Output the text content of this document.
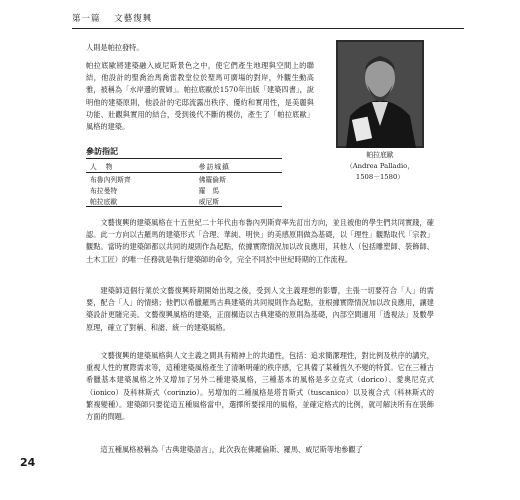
第一篇 文藝復興

人則是帕拉發特。

帕拉底歐將建築融入威尼斯景色之中，使它們產生地理與空間上的聯結，他設計的聖喬治馬喬雷教堂位於聖馬可廣場的對岸，外觀生動高雅，被稱為「水岸邊的賣婦」。帕拉底歐於1570年出版「建築四書」，說明他的建築原則，他設計的宅邸流露出秩序、優約和實用性，是美麗與功能、壯觀與實用的結合，受到後代不斷的模仿，產生了「帕拉底歐」風格的建築。

帕拉底歐
（Andrea Palladio，
1508－1580）
參訪指記
人　物	參訪城鎮
布魯內列斯齊	佛羅倫斯
布拉曼特	羅　馬
帕拉底歐	威尼斯

文藝復興的建築風格在十五世紀二十年代由布魯內列斯齊率先訂出方向，並且被他的學生們共同實踐，確認。此一方向以古羅馬的建築形式「合理、華純、明快」的美感原則做為基礎，以「理性」觀點取代「宗教」觀點。當時的建築師都以共同的規則作為起點，依據實際情況加以改良應用，其他人（包括雕塑師、裝飾師、土木工匠）的唯一任務就是執行建築師的命令，完全不同於中世紀時期的工作流程。

建築師這個行業於文藝復興時期開始出現之後，受到人文主義理想的影響，主張一切要符合「人」的需要，配合「人」的情緒；他們以希臘羅馬古典建築的共同規則作為起點，並根據實際情況加以改良應用，讓建築設計更隨完美。文藝復興風格的建築，正面構造以古典建築的原則為基礎，內部空間適用「透視法」及數學原理，確立了對稱、和諧、統一的建築風格。

文藝復興的建築風格與人文主義之間具有精神上的共通性，包括：追求簡潔理性，對比例及秩序的講究，重視人性的實際需求等，這種建築風格產生了清晰明確的秩序感，它具備了某種恆久不變的特質。它在三種古希臘基本建築風格之外又增加了另外二種建築風格，三種基本的風格是多立克式（dorico）、愛奧尼克式（ionico）及科林斯式（corinzio）。另增加的二種風格是塔肯斯式（tuscanico）以及複合式（科林斯式的繁複變種）。建築師只要從這五種風格當中，選擇所要採用的風格，並確定格式的比例，就可解決所有在裝飾方面的問題。

這五種風格被稱為「古典建築語言」，此次我在佛羅倫斯、羅馬、威尼斯等地參觀了

24
